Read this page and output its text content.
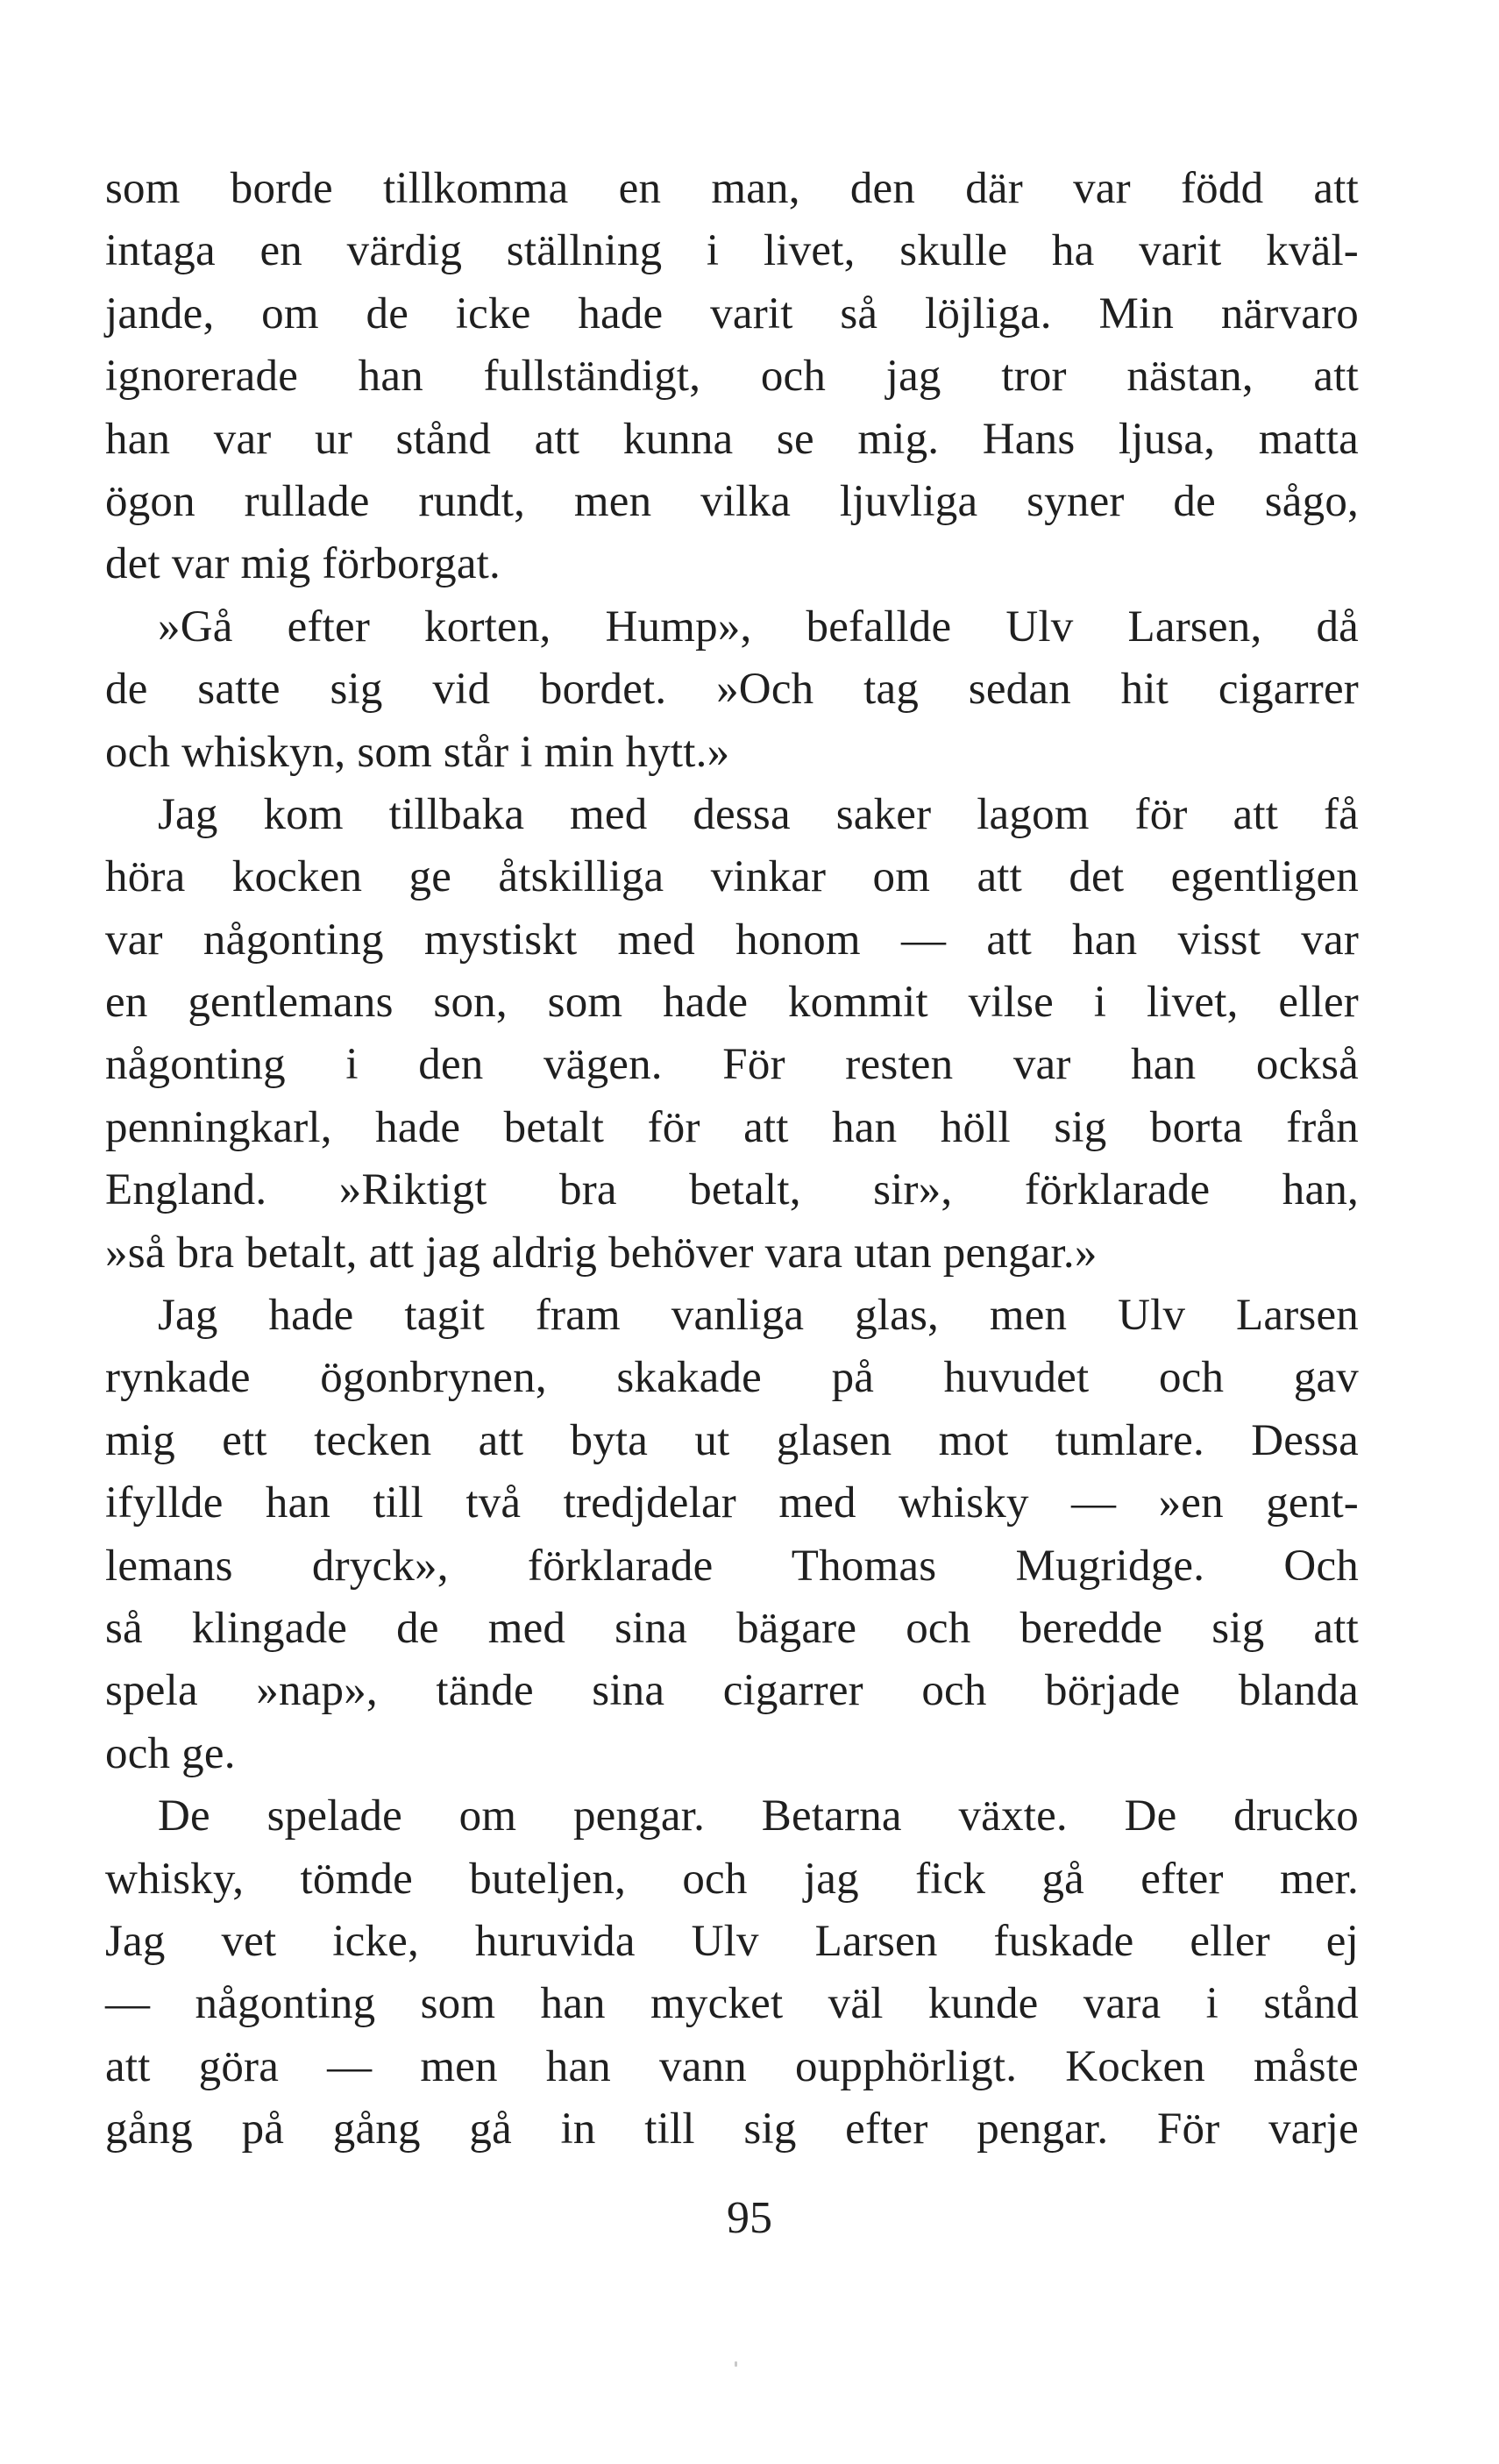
som borde tillkomma en man, den där var född att
intaga en värdig ställning i livet, skulle ha varit kväl-
jande, om de icke hade varit så löjliga. Min närvaro
ignorerade han fullständigt, och jag tror nästan, att
han var ur stånd att kunna se mig. Hans ljusa, matta
ögon rullade rundt, men vilka ljuvliga syner de sågo,
det var mig förborgat.
»Gå efter korten, Hump», befallde Ulv Larsen, då
de satte sig vid bordet. »Och tag sedan hit cigarrer
och whiskyn, som står i min hytt.»
Jag kom tillbaka med dessa saker lagom för att få
höra kocken ge åtskilliga vinkar om att det egentligen
var någonting mystiskt med honom — att han visst var
en gentlemans son, som hade kommit vilse i livet, eller
någonting i den vägen. För resten var han också
penningkarl, hade betalt för att han höll sig borta från
England. »Riktigt bra betalt, sir», förklarade han,
»så bra betalt, att jag aldrig behöver vara utan pengar.»
Jag hade tagit fram vanliga glas, men Ulv Larsen
rynkade ögonbrynen, skakade på huvudet och gav
mig ett tecken att byta ut glasen mot tumlare. Dessa
ifyllde han till två tredjdelar med whisky — »en gent-
lemans dryck», förklarade Thomas Mugridge. Och
så klingade de med sina bägare och beredde sig att
spela »nap», tände sina cigarrer och började blanda
och ge.
De spelade om pengar. Betarna växte. De drucko
whisky, tömde buteljen, och jag fick gå efter mer.
Jag vet icke, huruvida Ulv Larsen fuskade eller ej
— någonting som han mycket väl kunde vara i stånd
att göra — men han vann oupphörligt. Kocken måste
gång på gång gå in till sig efter pengar. För varje
95
